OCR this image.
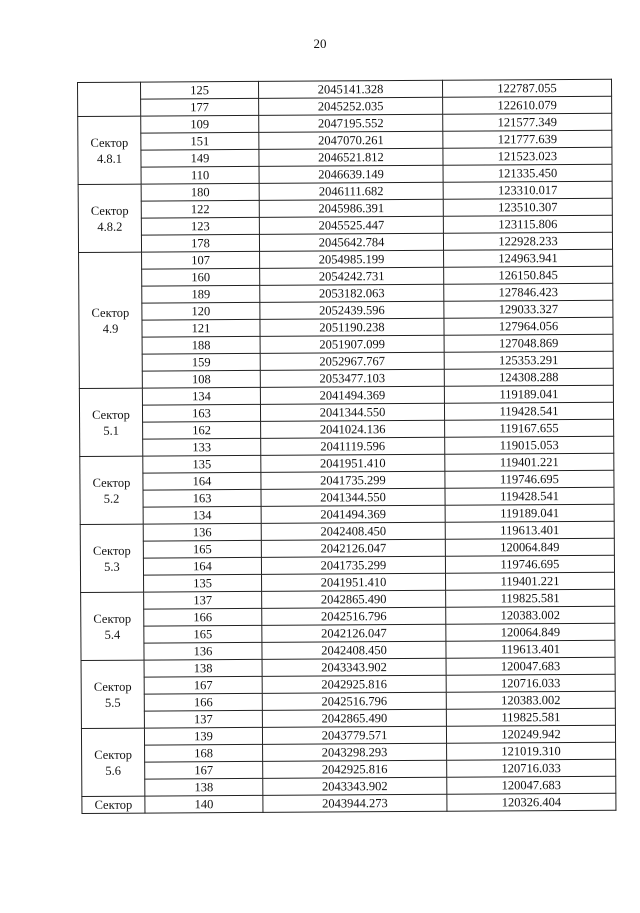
20
	125	2045141.328	122787.055
	177	2045252.035	122610.079

Сектор
4.8.1	109	2047195.552	121577.349
	151	2047070.261	121777.639
	149	2046521.812	121523.023
	110	2046639.149	121335.450

Сектор
4.8.2	180	2046111.682	123310.017
	122	2045986.391	123510.307
	123	2045525.447	123115.806
	178	2045642.784	122928.233

Сектор
4.9	107	2054985.199	124963.941
	160	2054242.731	126150.845
	189	2053182.063	127846.423
	120	2052439.596	129033.327
	121	2051190.238	127964.056
	188	2051907.099	127048.869
	159	2052967.767	125353.291
	108	2053477.103	124308.288

Сектор
5.1	134	2041494.369	119189.041
	163	2041344.550	119428.541
	162	2041024.136	119167.655
	133	2041119.596	119015.053

Сектор
5.2	135	2041951.410	119401.221
	164	2041735.299	119746.695
	163	2041344.550	119428.541
	134	2041494.369	119189.041

Сектор
5.3	136	2042408.450	119613.401
	165	2042126.047	120064.849
	164	2041735.299	119746.695
	135	2041951.410	119401.221

Сектор
5.4	137	2042865.490	119825.581
	166	2042516.796	120383.002
	165	2042126.047	120064.849
	136	2042408.450	119613.401

Сектор
5.5	138	2043343.902	120047.683
	167	2042925.816	120716.033
	166	2042516.796	120383.002
	137	2042865.490	119825.581

Сектор
5.6	139	2043779.571	120249.942
	168	2043298.293	121019.310
	167	2042925.816	120716.033
	138	2043343.902	120047.683

Сектор	140	2043944.273	120326.404
